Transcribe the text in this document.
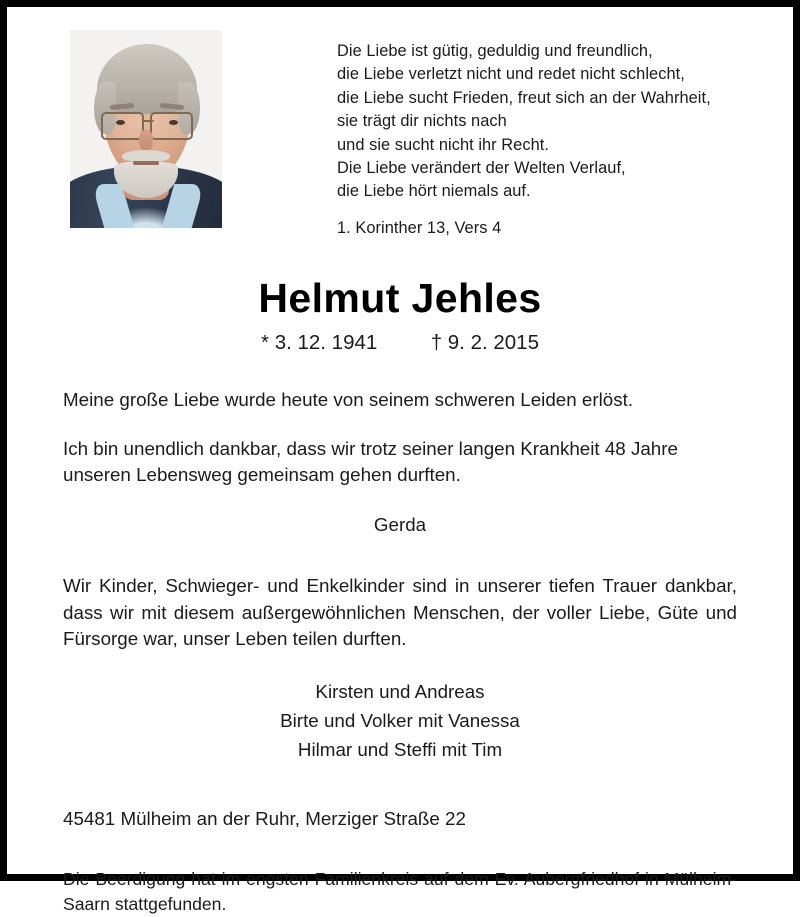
Die Liebe ist gütig, geduldig und freundlich,
die Liebe verletzt nicht und redet nicht schlecht,
die Liebe sucht Frieden, freut sich an der Wahrheit,
sie trägt dir nichts nach
und sie sucht nicht ihr Recht.
Die Liebe verändert der Welten Verlauf,
die Liebe hört niemals auf.
1. Korinther 13, Vers 4
Helmut Jehles
* 3. 12. 1941	† 9. 2. 2015
Meine große Liebe wurde heute von seinem schweren Leiden erlöst.
Ich bin unendlich dankbar, dass wir trotz seiner langen Krankheit 48 Jahre unseren Lebensweg gemeinsam gehen durften.
Gerda
Wir Kinder, Schwieger- und Enkelkinder sind in unserer tiefen Trauer dankbar, dass wir mit diesem außergewöhnlichen Menschen, der voller Liebe, Güte und Fürsorge war, unser Leben teilen durften.
Kirsten und Andreas
Birte und Volker mit Vanessa
Hilmar und Steffi mit Tim
45481 Mülheim an der Ruhr, Merziger Straße 22
Die Beerdigung hat im engsten Familienkreis auf dem Ev. Aubergfriedhof in Mülheim-Saarn stattgefunden.
